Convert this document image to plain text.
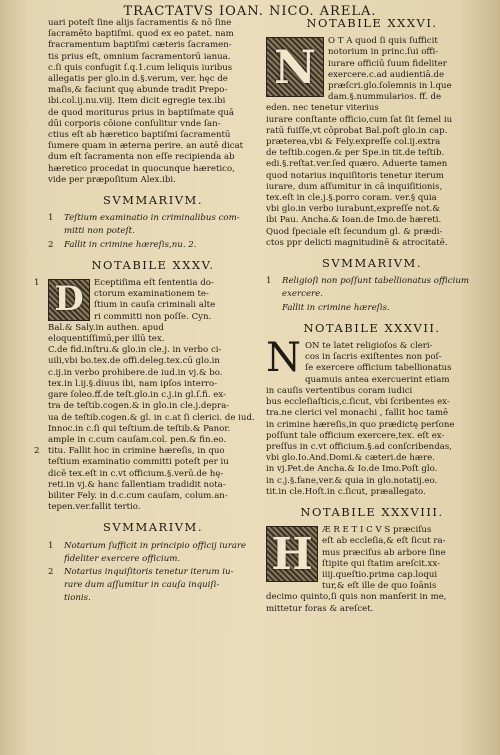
TRACTATVS IOAN. NICO. ARELA.
uari poteſt ſine alijs ſacramentis & nō ſine
ſacramēto baptiſmi. quod ex eo patet. nam
fracramentum baptiſmi cæteris ſacramen-
tis prius eſt, omnium ſacramentorū ianua.
c.ſi quis confugit ſ.q.1.cum leliquis iuribus
allegatis per glo.in d.§.verum, ver. hęc de
maſis,& faciunt quę abunde tradit Prepo-
ibi.col.ij.nu.viij. Item dicit egregie tex.ibi
de quod moriturus prius in baptiſmate quā
dūi corporis cōione conſulitur vnde ſan-
ctius eſt ab hæretico baptiſmi ſacramentū
ſumere quam in æterna perire. an autē dicat
dum eſt ſacramenta non eſſe recipienda ab
hæretico procedat in quocunque hæretico,
vide per præpoſitum Alex.ibi.
SVMMARIVM.
1 Teſtium examinatio in criminalibus com-
mitti non poteſt.
2 Fallit in crimine hæreſis,nu. 2.
NOTABILE XXXV.
D
1	Eceptiſima eſt ſententia do-
ctorum examinationem te-
ſtium in cauſa criminali alte
ri committi non poſſe. Cyn.
Bal.& Saly.in authen. apud
eloquentiſſimū,per illū tex.
C.de fid.inſtru.& glo.in cle.j. in verbo ci-
uili,vbi bo.tex.de offi.deleg.tex.cū glo.in
c.ij.in verbo prohibere.de iud.in vj.& bo.
tex.in l.ij.§.diuus ibi, nam ipſos interro-
gare ſoleo.ff.de teſt.glo.in c.j.in gl.ſ.fi. ex-
tra de teſtib.cogen.& in glo.in cle.j.depra-
ua de teſtib.cogen.& gl. in c.at ſi clerici. de iud.
Innoc.in c.ſi qui teſtium.de teſtib.& Panor.
ample in c.cum cauſam.col. pen.& fin.eo.
2 titu. Fallit hoc in crimine hæreſis, in quo
teſtium examinatio committi poteſt per iu
dicē tex.eſt in c.vt officium.§.verū.de hę-
reti.in vj.& hanc fallentiam tradidit nota-
biliter Fely. in d.c.cum cauſam, colum.an-
tepen.ver.fallit tertio.
SVMMARIVM.
1 Notarium ſufficit in principio officij iurare
fideliter exercere officium.
2 Notarius inquiſitoris tenetur iterum iu-
rare dum aſſumitur in cauſa inquiſi-
tionis.
NOTABILE XXXVI.
N	O T A quod ſi quis ſufficit
notorium in princ.ſui offi-
iurare officiū ſuum fideliter
exercere.c.ad audientiā.de
præſcri.glo.ſolemnis in l.que
dam.§.nummularios. ff. de
eden. nec tenetur viterius
iurare conſtante officio,cum ſat ſit ſemel iu
ratū fuiſſe,vt cōprobat Bal.poſt glo.in cap.
præterea,vbi & Fely.expreſſe col.ij.extra
de teſtib.cogen.& per Spe.in tit.de teſtib.
edi.§.reſtat.ver.ſed quæro. Aduerte tamen
quod notarius inquiſitoris tenetur iterum
iurare, dum aſſumitur in cā inquiſitionis,
tex.eſt in cle.j.§.porro coram. ver.§ quia
vbi glo.in verbo iurabunt,expreſſe not.&
ibi Pau. Ancha.& Ioan.de Imo.de hæreti.
Quod ſpeciale eſt ſecundum gl. & prædi-
ctos ppr delicti magnitudinē & atrocitatē.
SVMMARIVM.
1 Religioſi non poſſunt tabellionatus officium
exercere.
Fallit in crimine hæreſis.
NOTABILE XXXVII.
N ON te latet religioſos & cleri-
cos in ſacris exiſtentes non poſ-
ſe exercere officium tabellionatus
quamuis antea exercuerint etiam
in cauſis vertentibus coram iudici
bus eccleſiaſticis,c.ſicut, vbi ſcribentes ex-
tra.ne clerici vel monachi , fallit hoc tamē
in crimine hæreſis,in quo prædictę perſone
poſſunt tale officium exercere,tex. eſt ex-
preſſus in c.vt officium.§.ad conſcribendas,
vbi glo.Io.And.Domi.& cæteri.de hære.
in vj.Pet.de Ancha.& Io.de Imo.Poſt glo.
in c.j.§.fane,ver.& quia in glo.notatij.eo.
tit.in cle.Hoſt.in c.ſicut, præallegato.
NOTABILE XXXVIII.
H	Æ R E T I C V S præciſus
eſt ab eccleſia,& eſt ſicut ra-
mus præciſus ab arbore ſine
ſtipite qui ſtatim areſcit.xx-
iiij.queſtio.prima cap.loqui
tur,& eſt ille de quo Ioānis
decimo quinto,ſi quis non manſerit in me,
mittetur foras & areſcet.
